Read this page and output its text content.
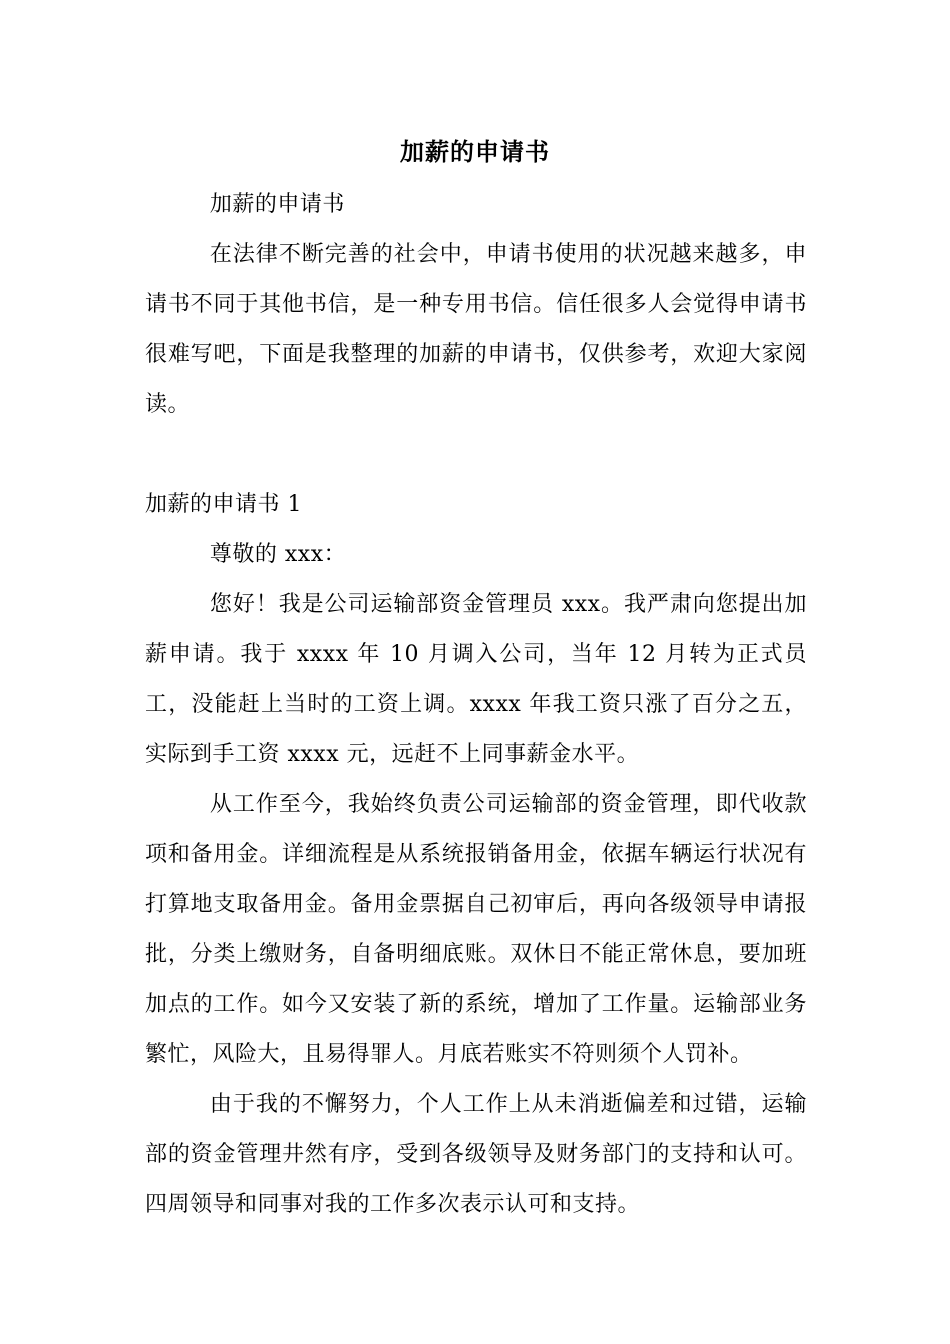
加薪的申请书

加薪的申请书

在法律不断完善的社会中，申请书使用的状况越来越多，申请书不同于其他书信，是一种专用书信。信任很多人会觉得申请书很难写吧，下面是我整理的加薪的申请书，仅供参考，欢迎大家阅读。

加薪的申请书 1

尊敬的 xxx：

您好！我是公司运输部资金管理员 xxx。我严肃向您提出加薪申请。我于 xxxx 年 10 月调入公司，当年 12 月转为正式员工，没能赶上当时的工资上调。xxxx 年我工资只涨了百分之五，实际到手工资 xxxx 元，远赶不上同事薪金水平。

从工作至今，我始终负责公司运输部的资金管理，即代收款项和备用金。详细流程是从系统报销备用金，依据车辆运行状况有打算地支取备用金。备用金票据自己初审后，再向各级领导申请报批，分类上缴财务，自备明细底账。双休日不能正常休息，要加班加点的工作。如今又安装了新的系统，增加了工作量。运输部业务繁忙，风险大，且易得罪人。月底若账实不符则须个人罚补。

由于我的不懈努力，个人工作上从未消逝偏差和过错，运输部的资金管理井然有序，受到各级领导及财务部门的支持和认可。四周领导和同事对我的工作多次表示认可和支持。
